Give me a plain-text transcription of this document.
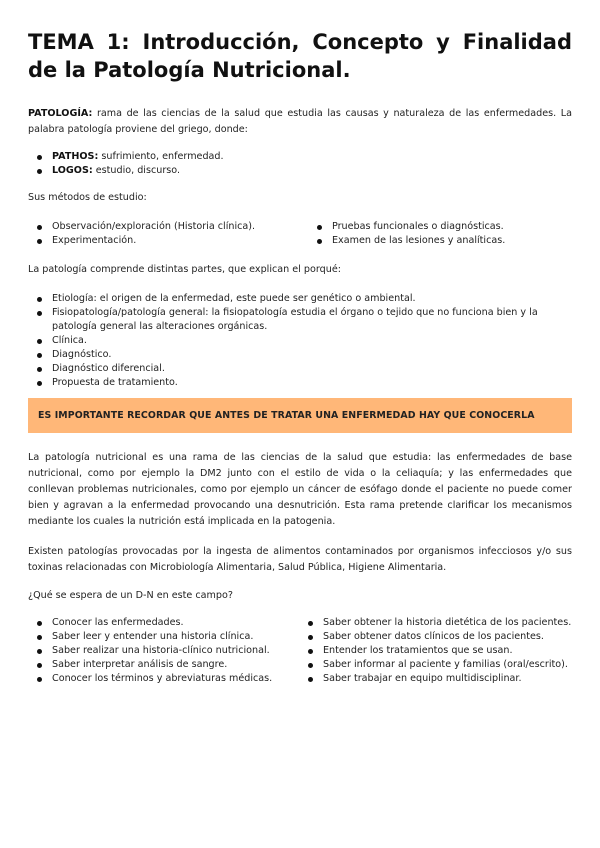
TEMA 1: Introducción, Concepto y Finalidad de la Patología Nutricional.

PATOLOGÍA: rama de las ciencias de la salud que estudia las causas y naturaleza de las enfermedades. La palabra patología proviene del griego, donde:

PATHOS: sufrimiento, enfermedad.
LOGOS: estudio, discurso.

Sus métodos de estudio:

Observación/exploración (Historia clínica).
Experimentación.
Pruebas funcionales o diagnósticas.
Examen de las lesiones y analíticas.

La patología comprende distintas partes, que explican el porqué:

Etiología: el origen de la enfermedad, este puede ser genético o ambiental.
Fisiopatología/patología general: la fisiopatología estudia el órgano o tejido que no funciona bien y la patología general las alteraciones orgánicas.
Clínica.
Diagnóstico.
Diagnóstico diferencial.
Propuesta de tratamiento.
ES IMPORTANTE RECORDAR QUE ANTES DE TRATAR UNA ENFERMEDAD HAY QUE CONOCERLA

La patología nutricional es una rama de las ciencias de la salud que estudia: las enfermedades de base nutricional, como por ejemplo la DM2 junto con el estilo de vida o la celiaquía; y las enfermedades que conllevan problemas nutricionales, como por ejemplo un cáncer de esófago donde el paciente no puede comer bien y agravan a la enfermedad provocando una desnutrición. Esta rama pretende clarificar los mecanismos mediante los cuales la nutrición está implicada en la patogenia.

Existen patologías provocadas por la ingesta de alimentos contaminados por organismos infecciosos y/o sus toxinas relacionadas con Microbiología Alimentaria, Salud Pública, Higiene Alimentaria.

¿Qué se espera de un D-N en este campo?

Conocer las enfermedades.
Saber leer y entender una historia clínica.
Saber realizar una historia-clínico nutricional.
Saber interpretar análisis de sangre.
Conocer los términos y abreviaturas médicas.
Saber obtener la historia dietética de los pacientes.
Saber obtener datos clínicos de los pacientes.
Entender los tratamientos que se usan.
Saber informar al paciente y familias (oral/escrito).
Saber trabajar en equipo multidisciplinar.
